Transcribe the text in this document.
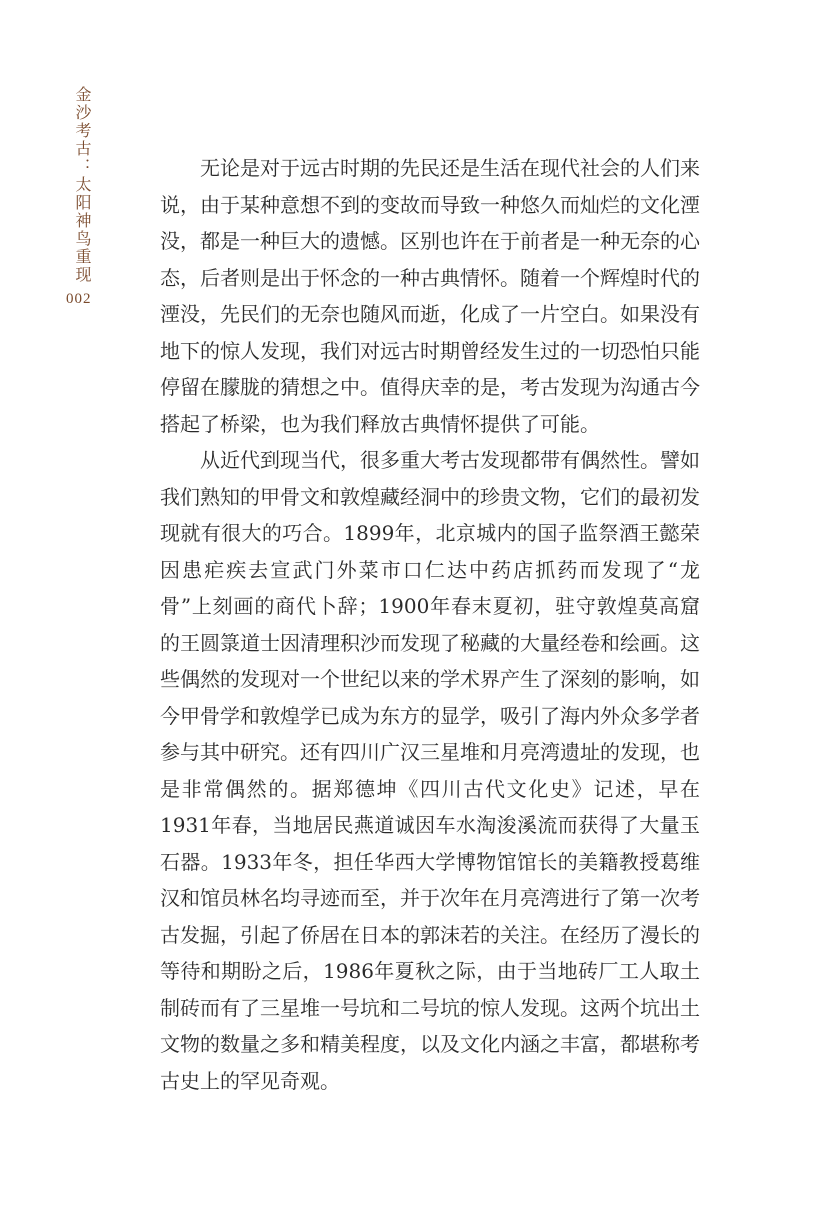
金沙考古：太阳神鸟重现
002

无论是对于远古时期的先民还是生活在现代社会的人们来说，由于某种意想不到的变故而导致一种悠久而灿烂的文化湮没，都是一种巨大的遗憾。区别也许在于前者是一种无奈的心态，后者则是出于怀念的一种古典情怀。随着一个辉煌时代的湮没，先民们的无奈也随风而逝，化成了一片空白。如果没有地下的惊人发现，我们对远古时期曾经发生过的一切恐怕只能停留在朦胧的猜想之中。值得庆幸的是，考古发现为沟通古今搭起了桥梁，也为我们释放古典情怀提供了可能。

从近代到现当代，很多重大考古发现都带有偶然性。譬如我们熟知的甲骨文和敦煌藏经洞中的珍贵文物，它们的最初发现就有很大的巧合。1899年，北京城内的国子监祭酒王懿荣因患疟疾去宣武门外菜市口仁达中药店抓药而发现了“龙骨”上刻画的商代卜辞；1900年春末夏初，驻守敦煌莫高窟的王圆箓道士因清理积沙而发现了秘藏的大量经卷和绘画。这些偶然的发现对一个世纪以来的学术界产生了深刻的影响，如今甲骨学和敦煌学已成为东方的显学，吸引了海内外众多学者参与其中研究。还有四川广汉三星堆和月亮湾遗址的发现，也是非常偶然的。据郑德坤《四川古代文化史》记述，早在1931年春，当地居民燕道诚因车水淘浚溪流而获得了大量玉石器。1933年冬，担任华西大学博物馆馆长的美籍教授葛维汉和馆员林名均寻迹而至，并于次年在月亮湾进行了第一次考古发掘，引起了侨居在日本的郭沫若的关注。在经历了漫长的等待和期盼之后，1986年夏秋之际，由于当地砖厂工人取土制砖而有了三星堆一号坑和二号坑的惊人发现。这两个坑出土文物的数量之多和精美程度，以及文化内涵之丰富，都堪称考古史上的罕见奇观。
